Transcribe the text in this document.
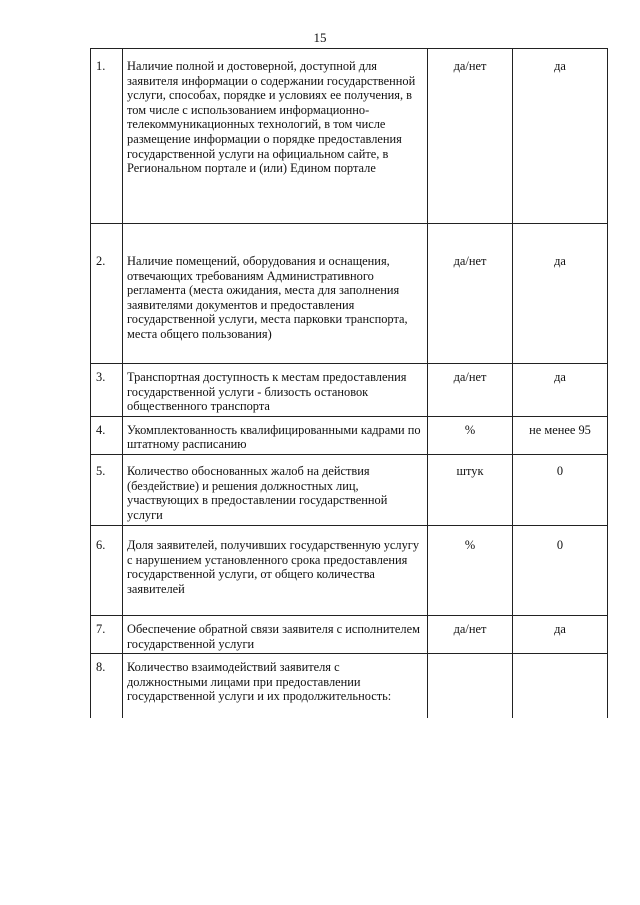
15
1.	Наличие полной и достоверной, доступной для заявителя информации о содержании государственной услуги, способах, порядке и условиях ее получения, в том числе с использованием информационно-телекоммуникационных технологий, в том числе размещение информации о порядке предоставления государственной услуги на официальном сайте, в Региональном портале и (или) Едином портале	да/нет	да
2.	Наличие помещений, оборудования и оснащения, отвечающих требованиям Административного регламента (места ожидания, места для заполнения заявителями документов и предоставления государственной услуги, места парковки транспорта, места общего пользования)	да/нет	да
3.	Транспортная доступность к местам предоставления государственной услуги - близость остановок общественного транспорта	да/нет	да
4.	Укомплектованность квалифицированными кадрами по штатному расписанию	%	не менее 95
5.	Количество обоснованных жалоб на действия (бездействие) и решения должностных лиц, участвующих в предоставлении государственной услуги	штук	0
6.	Доля заявителей, получивших государственную услугу с нарушением установленного срока предоставления государственной услуги, от общего количества заявителей	%	0
7.	Обеспечение обратной связи заявителя с исполнителем государственной услуги	да/нет	да
8.	Количество взаимодействий заявителя с должностными лицами при предоставлении государственной услуги и их продолжительность:		
